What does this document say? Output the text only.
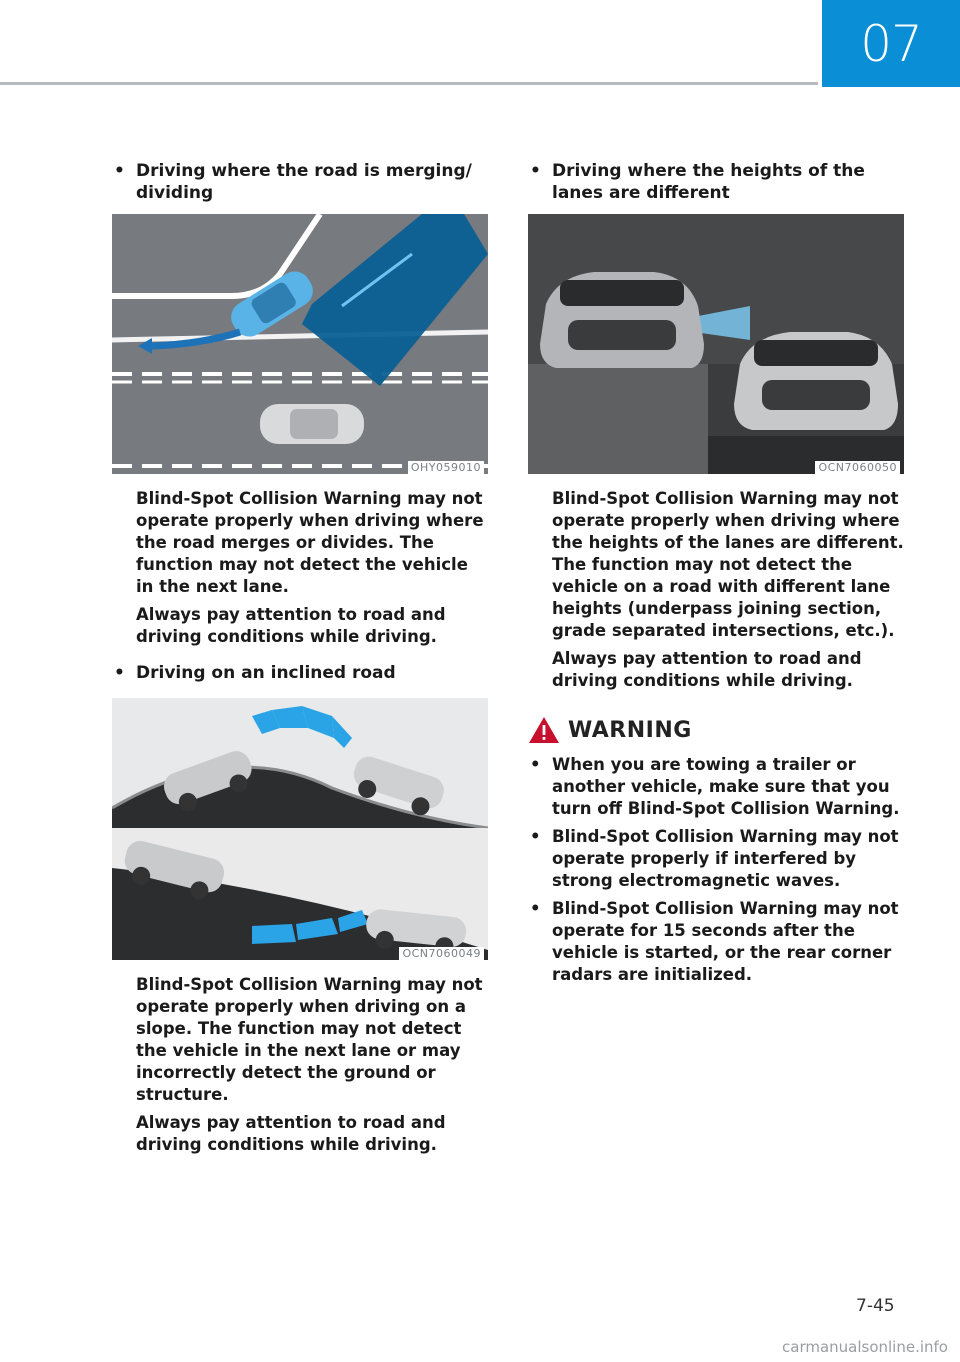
07

• Driving where the road is merging/ dividing

OHY059010

Blind-Spot Collision Warning may not operate properly when driving where the road merges or divides. The function may not detect the vehicle in the next lane.

Always pay attention to road and driving conditions while driving.

• Driving on an inclined road

OCN7060049

Blind-Spot Collision Warning may not operate properly when driving on a slope. The function may not detect the vehicle in the next lane or may incorrectly detect the ground or structure.

Always pay attention to road and driving conditions while driving.

• Driving where the heights of the lanes are different

OCN7060050

Blind-Spot Collision Warning may not operate properly when driving where the heights of the lanes are different. The function may not detect the vehicle on a road with different lane heights (underpass joining section, grade separated intersections, etc.).

Always pay attention to road and driving conditions while driving.

WARNING
• When you are towing a trailer or another vehicle, make sure that you turn off Blind-Spot Collision Warning.
• Blind-Spot Collision Warning may not operate properly if interfered by strong electromagnetic waves.
• Blind-Spot Collision Warning may not operate for 15 seconds after the vehicle is started, or the rear corner radars are initialized.
7-45
carmanualsonline.info
